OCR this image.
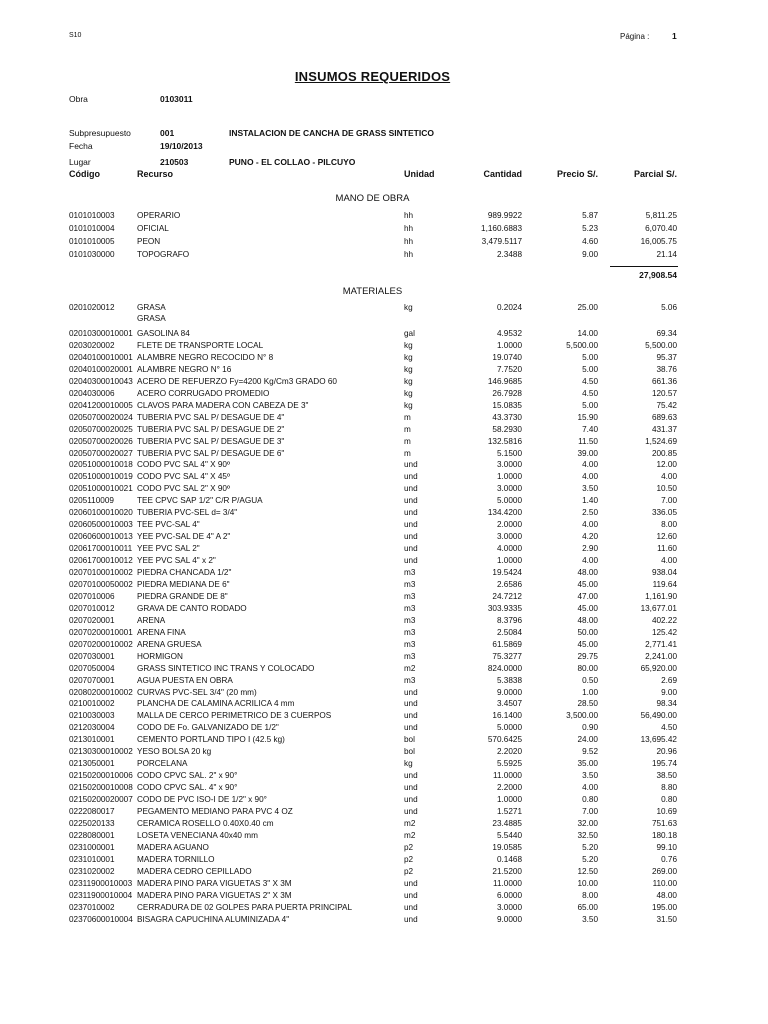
S10	Página :	1
INSUMOS REQUERIDOS
Obra	0103011
Subpresupuesto	001	INSTALACION DE CANCHA DE GRASS SINTETICO
Fecha	19/10/2013
Lugar	210503	PUNO - EL COLLAO - PILCUYO
Código	Recurso	Unidad	Cantidad	Precio S/.	Parcial S/.
MANO DE OBRA
0101010003	OPERARIO	hh	989.9922	5.87	5,811.25
0101010004	OFICIAL	hh	1,160.6883	5.23	6,070.40
0101010005	PEON	hh	3,479.5117	4.60	16,005.75
0101030000	TOPOGRAFO	hh	2.3488	9.00	21.14
27,908.54
MATERIALES
0201020012	GRASA	kg	0.2024	25.00	5.06
GRASA
02010300010001 GASOLINA 84	gal	4.9532	14.00	69.34
0203020002	FLETE DE TRANSPORTE LOCAL	kg	1.0000	5,500.00	5,500.00
02040100010001 ALAMBRE NEGRO RECOCIDO N° 8	kg	19.0740	5.00	95.37
02040100020001 ALAMBRE NEGRO N° 16	kg	7.7520	5.00	38.76
02040300010043 ACERO DE REFUERZO Fy=4200 Kg/Cm3 GRADO 60	kg	146.9685	4.50	661.36
0204030006	ACERO CORRUGADO PROMEDIO	kg	26.7928	4.50	120.57
02041200010005 CLAVOS PARA MADERA CON CABEZA DE 3"	kg	15.0835	5.00	75.42
02050700020024 TUBERIA PVC SAL P/ DESAGUE DE 4"	m	43.3730	15.90	689.63
02050700020025 TUBERIA PVC SAL P/ DESAGUE DE 2"	m	58.2930	7.40	431.37
02050700020026 TUBERIA PVC SAL P/ DESAGUE DE 3"	m	132.5816	11.50	1,524.69
02050700020027 TUBERIA PVC SAL P/ DESAGUE DE 6"	m	5.1500	39.00	200.85
02051000010018 CODO PVC SAL 4" X 90º	und	3.0000	4.00	12.00
02051000010019 CODO PVC SAL 4" X 45º	und	1.0000	4.00	4.00
02051000010021 CODO PVC SAL 2" X 90º	und	3.0000	3.50	10.50
0205110009	TEE CPVC SAP 1/2" C/R P/AGUA	und	5.0000	1.40	7.00
02060100010020 TUBERIA PVC-SEL d= 3/4"	und	134.4200	2.50	336.05
02060500010003 TEE PVC-SAL 4"	und	2.0000	4.00	8.00
02060600010013 YEE PVC-SAL DE 4" A 2"	und	3.0000	4.20	12.60
02061700010011 YEE PVC SAL 2"	und	4.0000	2.90	11.60
02061700010012 YEE PVC SAL 4" x 2"	und	1.0000	4.00	4.00
02070100010002 PIEDRA CHANCADA 1/2"	m3	19.5424	48.00	938.04
02070100050002 PIEDRA MEDIANA DE 6"	m3	2.6586	45.00	119.64
0207010006	PIEDRA GRANDE DE 8"	m3	24.7212	47.00	1,161.90
0207010012	GRAVA DE CANTO RODADO	m3	303.9335	45.00	13,677.01
0207020001	ARENA	m3	8.3796	48.00	402.22
02070200010001 ARENA FINA	m3	2.5084	50.00	125.42
02070200010002 ARENA GRUESA	m3	61.5869	45.00	2,771.41
0207030001	HORMIGON	m3	75.3277	29.75	2,241.00
0207050004	GRASS SINTETICO INC TRANS Y COLOCADO	m2	824.0000	80.00	65,920.00
0207070001	AGUA PUESTA EN OBRA	m3	5.3838	0.50	2.69
02080200010002 CURVAS PVC-SEL 3/4" (20 mm)	und	9.0000	1.00	9.00
0210010002	PLANCHA DE CALAMINA ACRILICA 4 mm	und	3.4507	28.50	98.34
0210030003	MALLA DE CERCO PERIMETRICO DE 3 CUERPOS	und	16.1400	3,500.00	56,490.00
0212030004	CODO DE Fo. GALVANIZADO DE 1/2"	und	5.0000	0.90	4.50
0213010001	CEMENTO PORTLAND TIPO I (42.5 kg)	bol	570.6425	24.00	13,695.42
02130300010002 YESO BOLSA 20 kg	bol	2.2020	9.52	20.96
0213050001	PORCELANA	kg	5.5925	35.00	195.74
02150200010006 CODO CPVC SAL. 2" x 90°	und	11.0000	3.50	38.50
02150200010008 CODO CPVC SAL. 4" x 90°	und	2.2000	4.00	8.80
02150200020007 CODO DE PVC ISO-I DE 1/2" x 90°	und	1.0000	0.80	0.80
0222080017	PEGAMENTO MEDIANO PARA PVC 4 OZ	und	1.5271	7.00	10.69
0225020133	CERAMICA ROSELLO 0.40X0.40 cm	m2	23.4885	32.00	751.63
0228080001	LOSETA VENECIANA 40x40 mm	m2	5.5440	32.50	180.18
0231000001	MADERA AGUANO	p2	19.0585	5.20	99.10
0231010001	MADERA TORNILLO	p2	0.1468	5.20	0.76
0231020002	MADERA CEDRO CEPILLADO	p2	21.5200	12.50	269.00
02311900010003 MADERA PINO PARA VIGUETAS 3" X 3M	und	11.0000	10.00	110.00
02311900010004 MADERA PINO PARA VIGUETAS 2" X 3M	und	6.0000	8.00	48.00
0237010002	CERRADURA DE 02 GOLPES PARA PUERTA PRINCIPAL	und	3.0000	65.00	195.00
02370600010004 BISAGRA CAPUCHINA ALUMINIZADA 4"	und	9.0000	3.50	31.50
